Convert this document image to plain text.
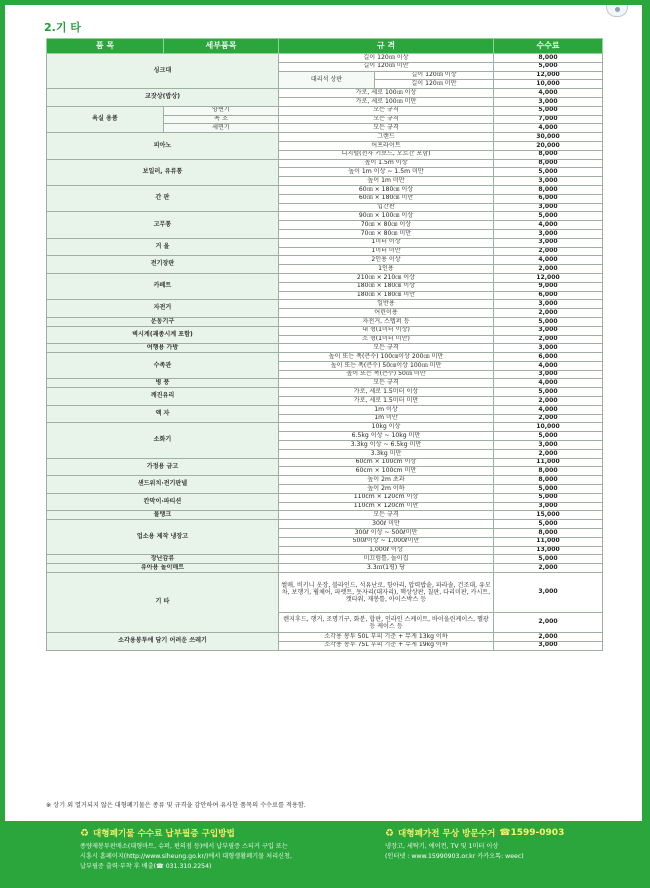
2.기 타
품 목	세부품목	규 격		수수료
싱크대		길이 120㎝ 이상		8,000
		길이 120㎝ 미만		5,000
		대리석 상판	길이 120㎝ 이상	12,000
			길이 120㎝ 미만	10,000
교잣상(밥상)		가로, 세로 100㎝ 이상		4,000
		가로, 세로 100㎝ 미만		3,000
욕실 용품	양변기	모든 규격		5,000
	욕 조	모든 규격		7,000
	세면기	모든 규격		4,000
피아노		그랜드		30,000
		어프라이트		20,000
		디지털(전자 키보드, 오르간 포함)		8,000
보일러, 유류통		높이 1.5m 이상		8,000
		높이 1m 이상 ~ 1.5m 미만		5,000
		높이 1m 미만		3,000
간 판		60㎝ × 180㎝ 이상		8,000
		60㎝ × 180㎝ 미만		6,000
		입간판		3,000
고무통		90㎝ × 100㎝ 이상		5,000
		70㎝ × 80㎝ 이상		4,000
		70㎝ × 80㎝ 미만		3,000
거 울		1미터 이상		3,000
		1미터 미만		2,000
전기장판		2인용 이상		4,000
		1인용		2,000
카페트		210㎝ × 210㎝ 이상		12,000
		180㎝ × 180㎝ 이상		9,000
		180㎝ × 180㎝ 미만		6,000
자전거		일반용		3,000
		어린이용		2,000
운동기구		자전거, 스텝퍼 등		5,000
벽시계(괘종시계 포함)		대 형(1미터 이상)		3,000
		소 형(1미터 미만)		2,000
여행용 가방		모든 규격		3,000
수족관		높이 또는 폭(큰수) 100㎝이상 200㎝ 미만		6,000
		높이 또는 폭(큰수) 50㎝이상 100㎝ 미만		4,000
		높이 또는 폭(큰수) 50㎝ 미만		3,000
병 풍		모든 규격		4,000
깨진유리		가로, 세로 1.5미터 이상		5,000
		가로, 세로 1.5미터 미만		2,000
액 자		1m 이상		4,000
		1m 미만		2,000
소화기		10kg 이상		10,000
		6.5kg 이상 ~ 10kg 미만		5,000
		3.3kg 이상 ~ 6.5kg 미만		3,000
		3.3kg 미만		2,000
가정용 금고		60cm × 100cm 이상		11,000
		60cm × 100cm 미만		8,000
샌드위치·전기판넬		높이 2m 초과		8,000
		높이 2m 이하		5,000
칸막이·파티션		110cm × 120cm 이상		5,000
		110cm × 120cm 미만		3,000
물탱크		모든 규격		15,000
업소용 제작 냉장고		300ℓ 미만		5,000
		300ℓ 이상 ~ 500ℓ미만		8,000
		500ℓ이상 ~ 1,000ℓ미만		11,000
		1,000ℓ 이상		13,000
장난감류		미끄럼틀, 놀이집		5,000
유아용 놀이매트		3.3㎡(1평) 당		2,000
기 타		썰매, 비키니 옷장, 블라인드, 석유난로, 항아리, 압력밥솥, 파라솔, 건조대, 유모차, 보행기, 휠체어, 파렛트, 돗자리(대자리), 핵상상판, 칠판, 다리미판, 카시트, 캣타워, 재봉틀, 아이스박스 등		3,000
		렌지후드, 행거, 조명기구, 화분, 합판, 인라인 스케이트, 바이올린케이스, 헬광등 케이스 등		2,000
소각용봉투에 담기 어려운 쓰레기		소각용 봉투 50L 부피 기준 + 무게 13kg 이하		2,000
		소각용 봉투 75L 부피 기준 + 무게 19kg 이하		3,000
※ 상기 외 열거되지 않은 대형폐기물은 종류 및 규격을 감안하여 유사한 품목의 수수료를 적용함.
♻ 대형폐기물 수수료 납부필증 구입방법
종량제봉투판매소(대형마트, 슈퍼, 편의점 등)에서 납부필증 스티커 구입 또는
시흥시 홈페이지(http://www.siheung.go.kr/)에서 대형생활폐기물 처리신청,
납부필증 출력·부착 후 배출(☎ 031.310.2254)
♻ 대형폐가전 무상 방문수거 ☎1599-0903
냉장고, 세탁기, 에어컨, TV 및 1미터 이상
(인터넷 : www.15990903.or.kr 카카오톡: weec)
